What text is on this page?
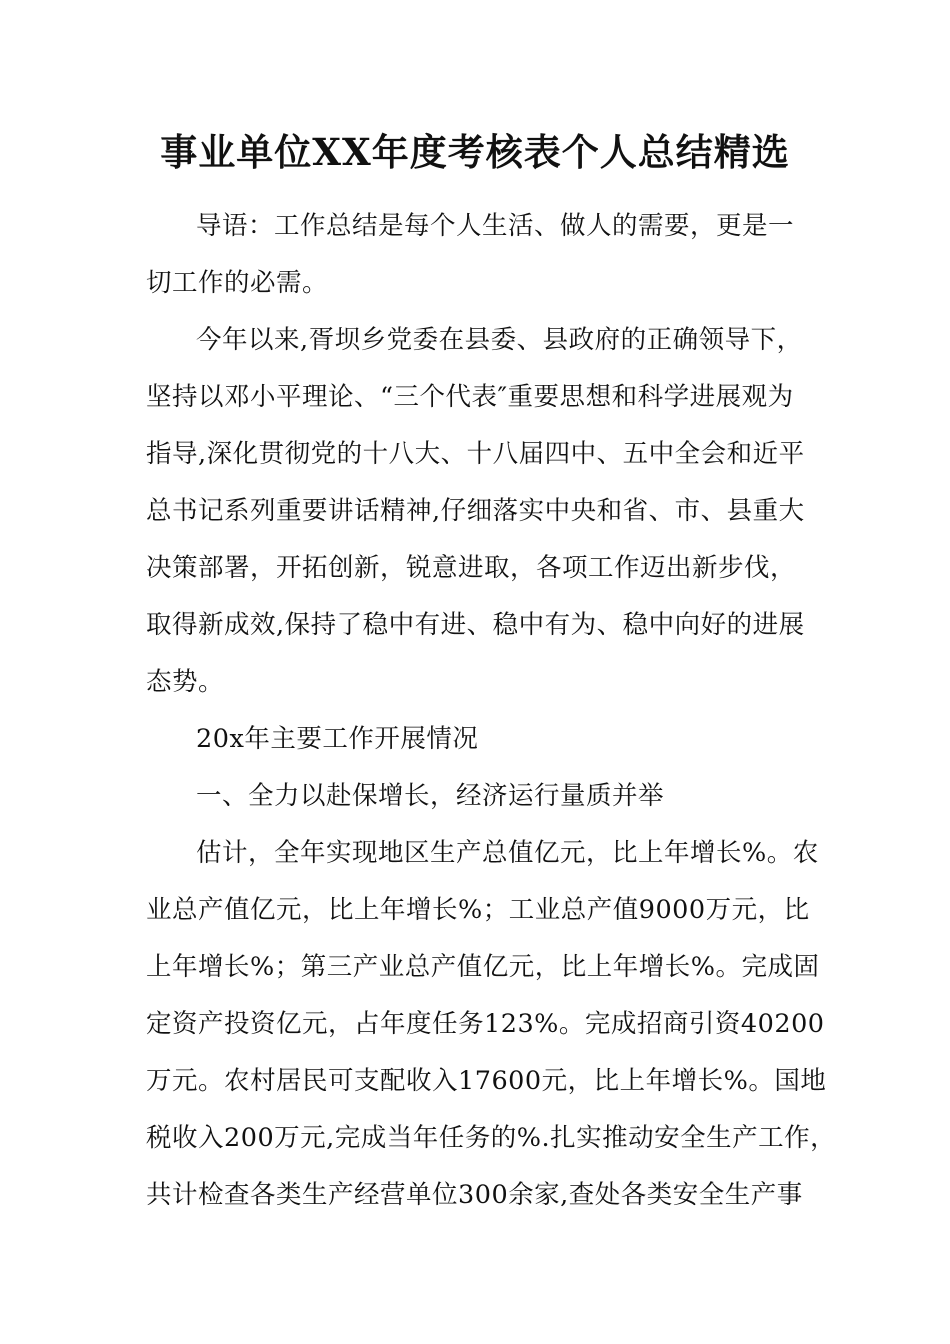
事业单位XX年度考核表个人总结精选
导语：工作总结是每个人生活、做人的需要，更是一
切工作的必需。
今年以来,胥坝乡党委在县委、县政府的正确领导下，
坚持以邓小平理论、“三个代表″重要思想和科学进展观为
指导,深化贯彻党的十八大、十八届四中、五中全会和近平
总书记系列重要讲话精神,仔细落实中央和省、市、县重大
决策部署，开拓创新，锐意进取，各项工作迈出新步伐，
取得新成效,保持了稳中有进、稳中有为、稳中向好的进展
态势。
20x年主要工作开展情况
一、全力以赴保增长，经济运行量质并举
估计，全年实现地区生产总值亿元，比上年增长%。农
业总产值亿元，比上年增长%；工业总产值9000万元，比
上年增长%；第三产业总产值亿元，比上年增长%。完成固
定资产投资亿元，占年度任务123%。完成招商引资40200
万元。农村居民可支配收入17600元，比上年增长%。国地
税收入200万元,完成当年任务的%.扎实推动安全生产工作，
共计检查各类生产经营单位300余家,查处各类安全生产事
